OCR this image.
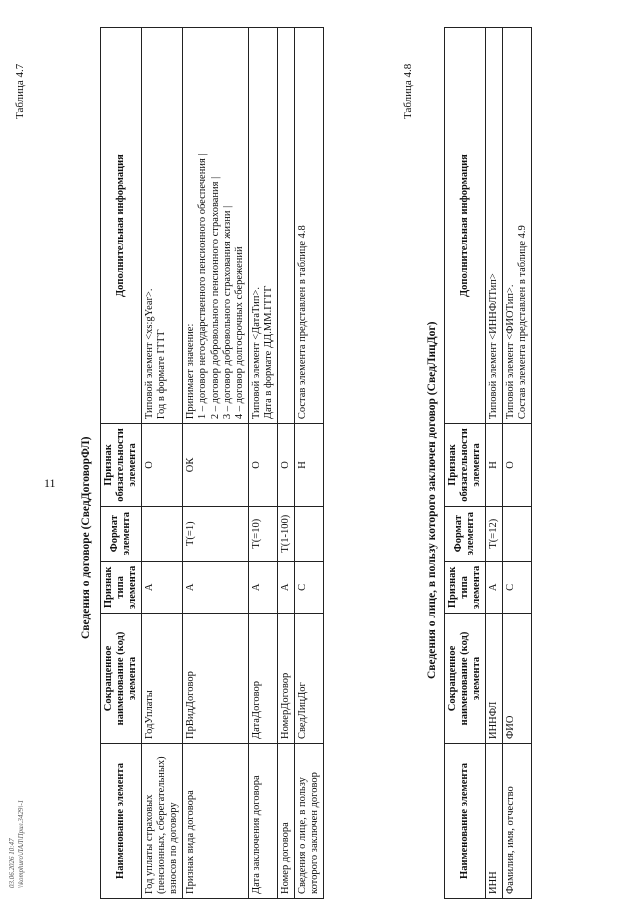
11
Таблица 4.7
Сведения о договоре (СведДоговорФЛ)
Наименование элемента	Сокращенное наименование (код) элемента	Признак типа элемента	Формат элемента	Признак обязательности элемента	Дополнительная информация
Год уплаты страховых (пенсионных, сберегательных) взносов по договору	ГодУплаты	А		О	Типовой элемент <xs:gYear>.
Год в формате ГГГГ
Признак вида договора	ПрВидДоговор	А	T(=1)	ОК	Принимает значение:
1 – договор негосударственного пенсионного обеспечения |
2 – договор добровольного пенсионного страхования |
3 – договор добровольного страхования жизни |
4 – договор долгосрочных сбережений
Дата заключения договора	ДатаДоговор	А	T(=10)	О	Типовой элемент <ДатаТип>.
Дата в формате ДД.ММ.ГГГГ
Номер договора	НомерДоговор	А	T(1-100)	О	
Сведения о лице, в пользу которого заключен договор	СведЛицДог	С		Н	Состав элемента представлен в таблице 4.8
Таблица 4.8
Сведения о лице, в пользу которого заключен договор (СведЛицДог)
Наименование элемента	Сокращенное наименование (код) элемента	Признак типа элемента	Формат элемента	Признак обязательности элемента	Дополнительная информация
ИНН	ИННФЛ	А	T(=12)	Н	Типовой элемент <ИННФЛТип>
Фамилия, имя, отчество	ФИО	С		О	Типовой элемент <ФИОТип>.
Состав элемента представлен в таблице 4.9
03.06.2026 10:47 \\komphuro\ЛАЛ\Прил.3429\-1
